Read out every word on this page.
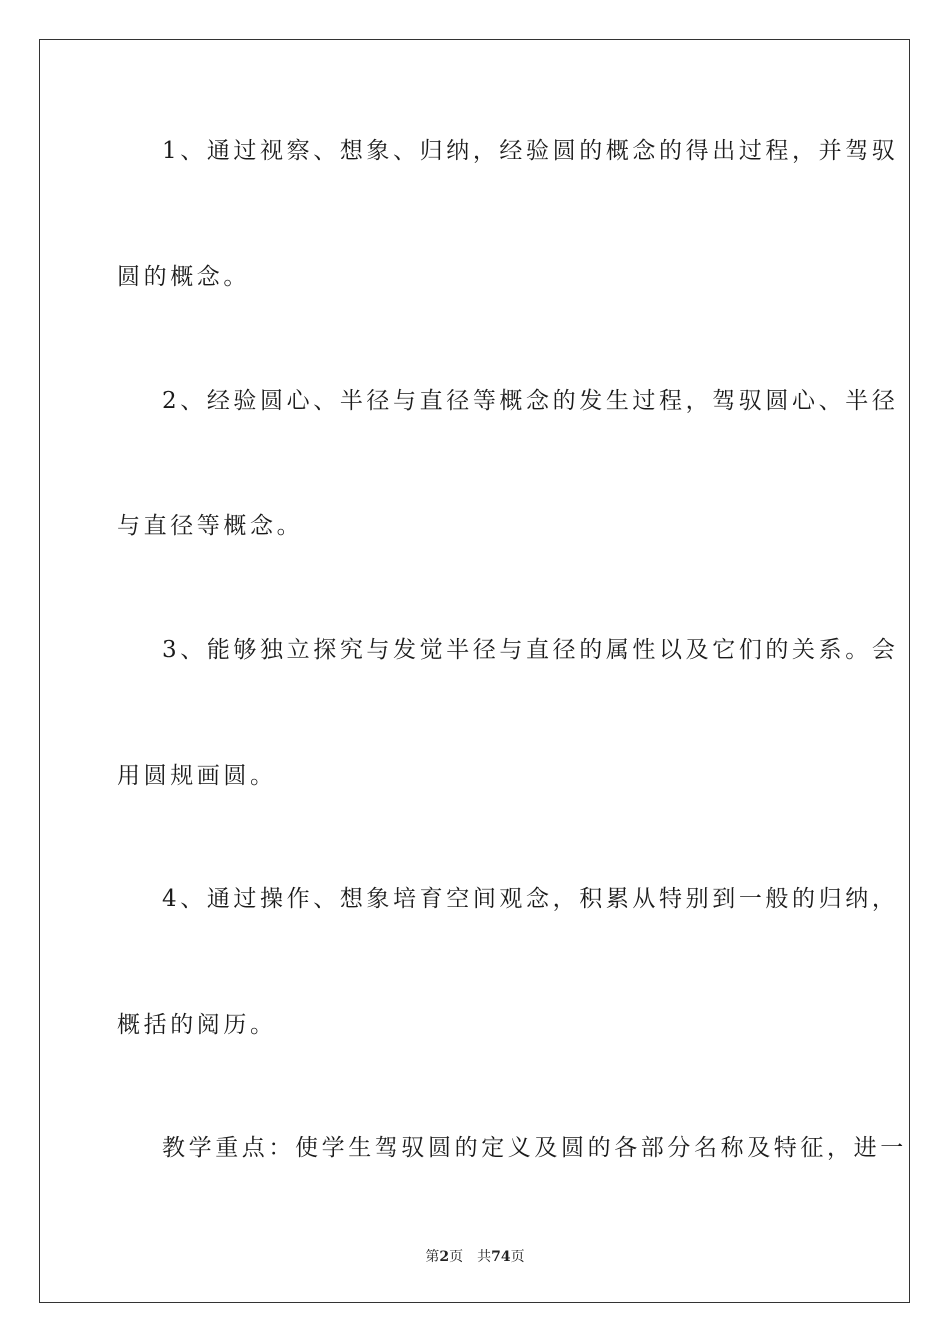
1、通过视察、想象、归纳，经验圆的概念的得出过程，并驾驭
圆的概念。
2、经验圆心、半径与直径等概念的发生过程，驾驭圆心、半径
与直径等概念。
3、能够独立探究与发觉半径与直径的属性以及它们的关系。会
用圆规画圆。
4、通过操作、想象培育空间观念，积累从特别到一般的归纳，
概括的阅历。
教学重点：使学生驾驭圆的定义及圆的各部分名称及特征，进一
第2页 共74页
